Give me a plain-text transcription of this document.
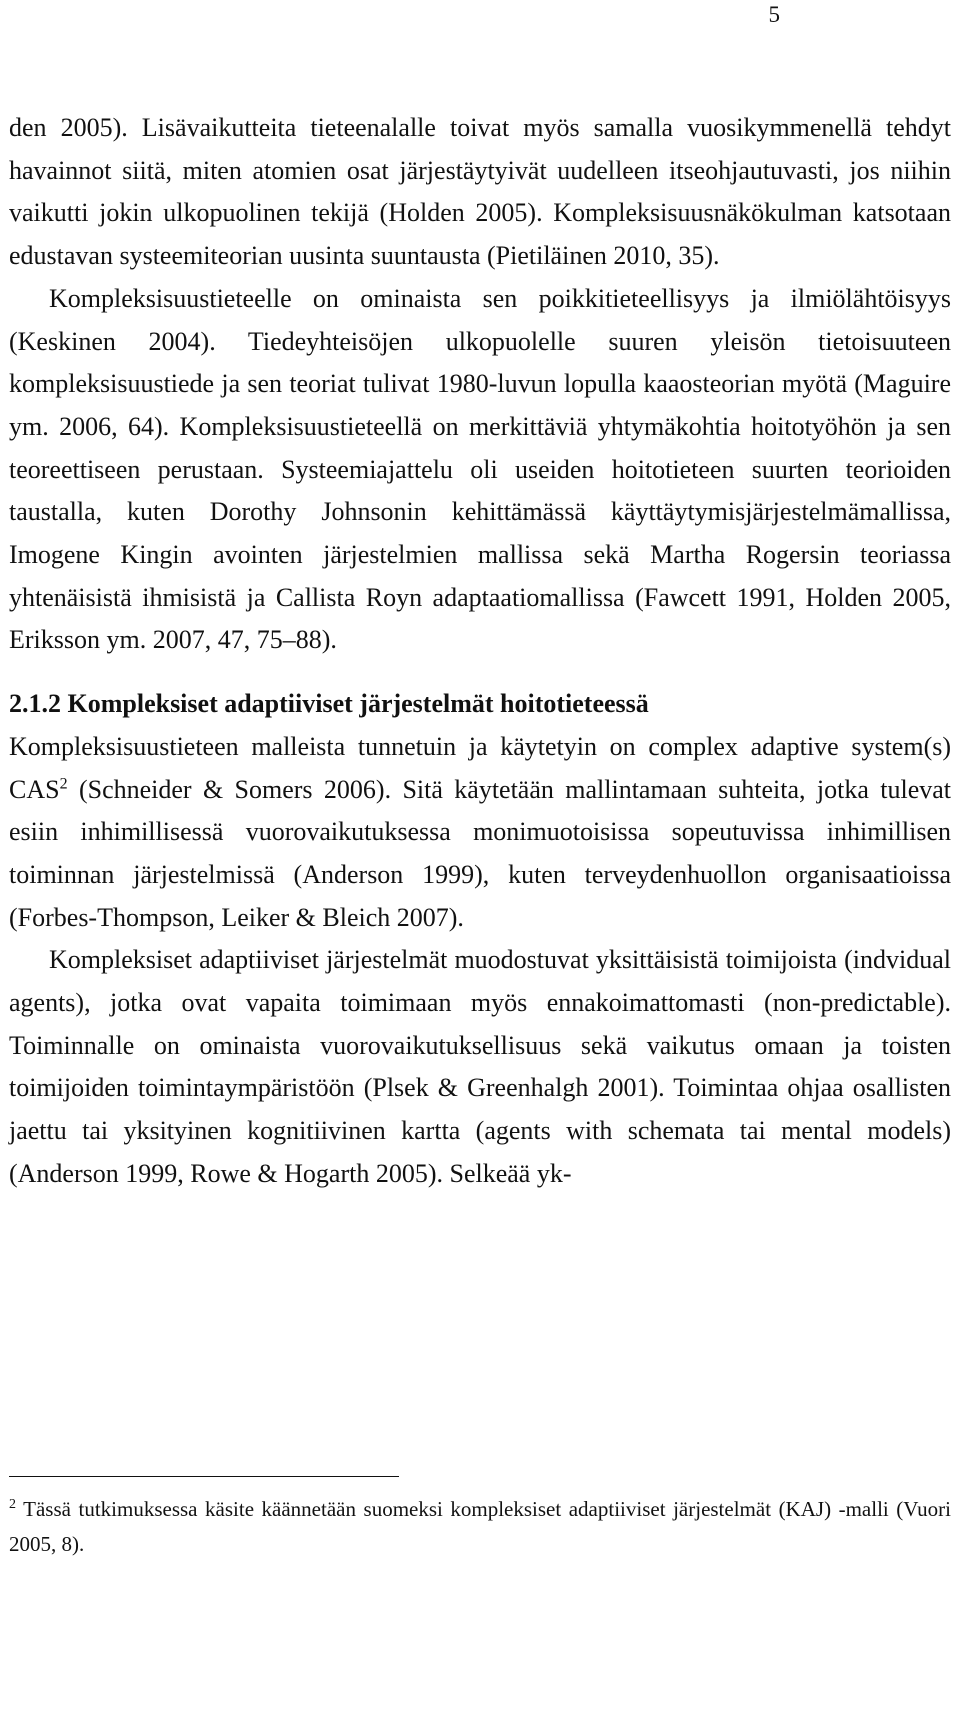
5

den 2005). Lisävaikutteita tieteenalalle toivat myös samalla vuosikymmenellä tehdyt havainnot siitä, miten atomien osat järjestäytyivät uudelleen itseohjautuvasti, jos niihin vaikutti jokin ulkopuolinen tekijä (Holden 2005). Kompleksisuusnäkökulman katsotaan edustavan systeemiteorian uusinta suuntausta (Pietiläinen 2010, 35).

Kompleksisuustieteelle on ominaista sen poikkitieteellisyys ja ilmiölähtöisyys (Keskinen 2004). Tiedeyhteisöjen ulkopuolelle suuren yleisön tietoisuuteen kompleksisuustiede ja sen teoriat tulivat 1980-luvun lopulla kaaosteorian myötä (Maguire ym. 2006, 64). Kompleksisuustieteellä on merkittäviä yhtymäkohtia hoitotyöhön ja sen teoreettiseen perustaan. Systeemiajattelu oli useiden hoitotieteen suurten teorioiden taustalla, kuten Dorothy Johnsonin kehittämässä käyttäytymisjärjestelmämallissa, Imogene Kingin avointen järjestelmien mallissa sekä Martha Rogersin teoriassa yhtenäisistä ihmisistä ja Callista Royn adaptaatiomallissa (Fawcett 1991, Holden 2005, Eriksson ym. 2007, 47, 75–88).

2.1.2 Kompleksiset adaptiiviset järjestelmät hoitotieteessä

Kompleksisuustieteen malleista tunnetuin ja käytetyin on complex adaptive system(s) CAS$^2$ (Schneider & Somers 2006). Sitä käytetään mallintamaan suhteita, jotka tulevat esiin inhimillisessä vuorovaikutuksessa monimuotoisissa sopeutuvissa inhimillisen toiminnan järjestelmissä (Anderson 1999), kuten terveydenhuollon organisaatioissa (Forbes-Thompson, Leiker & Bleich 2007).

Kompleksiset adaptiiviset järjestelmät muodostuvat yksittäisistä toimijoista (indvidual agents), jotka ovat vapaita toimimaan myös ennakoimattomasti (non-predictable). Toiminnalle on ominaista vuorovaikutuksellisuus sekä vaikutus omaan ja toisten toimijoiden toimintaympäristöön (Plsek & Greenhalgh 2001). Toimintaa ohjaa osallisten jaettu tai yksityinen kognitiivinen kartta (agents with schemata tai mental models) (Anderson 1999, Rowe & Hogarth 2005). Selkeää yk-

$^2$ Tässä tutkimuksessa käsite käännetään suomeksi kompleksiset adaptiiviset järjestelmät (KAJ) -malli (Vuori 2005, 8).
